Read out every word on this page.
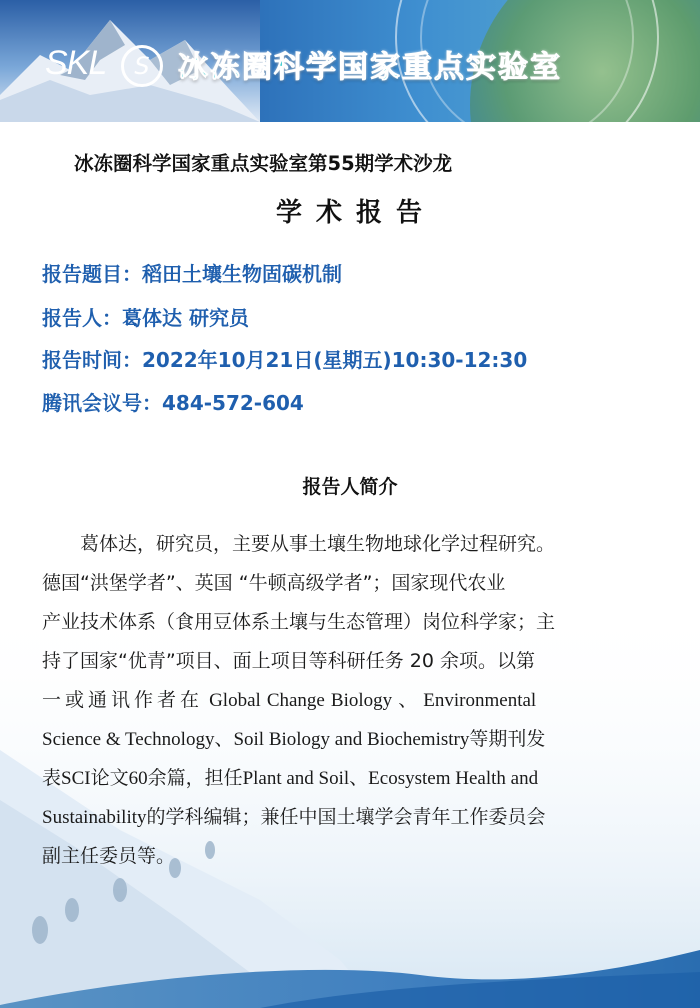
SKL	S 冰冻圈科学国家重点实验室
冰冻圈科学国家重点实验室第55期学术沙龙
学术报告
报告题目：稻田土壤生物固碳机制
报告人：葛体达 研究员
报告时间：2022年10月21日(星期五)10:30-12:30
腾讯会议号：484-572-604
报告人简介
葛体达，研究员，主要从事土壤生物地球化学过程研究。
德国“洪堡学者”、英国 “牛顿高级学者”；国家现代农业
产业技术体系（食用豆体系土壤与生态管理）岗位科学家；主
持了国家“优青”项目、面上项目等科研任务 20 余项。以第
一或通讯作者在 Global Change Biology 、 Environmental
Science & Technology、Soil Biology and Biochemistry等期刊发
表SCI论文60余篇，担任Plant and Soil、Ecosystem Health and
Sustainability的学科编辑；兼任中国土壤学会青年工作委员会
副主任委员等。
